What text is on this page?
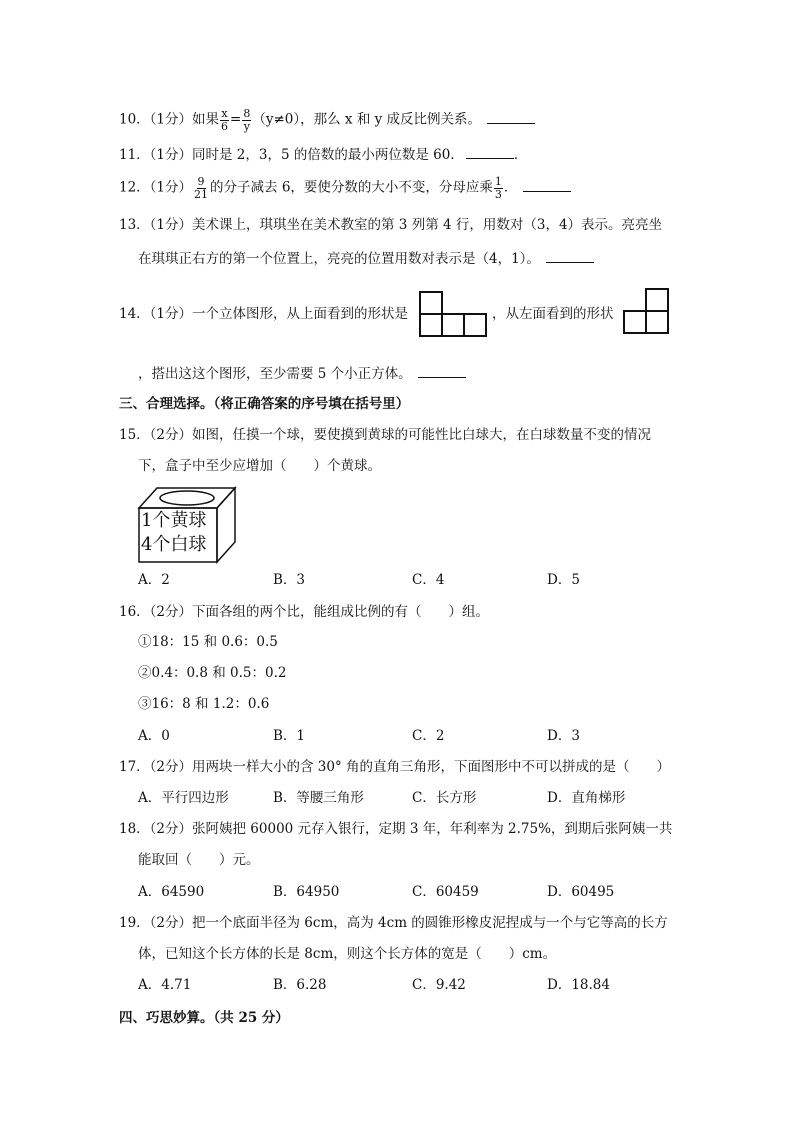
10．（1分）如果 $\frac{x}{6} = \frac{8}{y} (y\ne 0)$，那么 x 和 y 成反比例关系。
11．（1分）同时是 2，3，5 的倍数的最小两位数是 60．	．
12．（1分） $\frac{9}{21}$ 的分子减去 6，要使分数的大小不变，分母应乘 $\frac{1}{3}$ ．
13．（1分）美术课上，琪琪坐在美术教室的第 3 列第 4 行，用数对（3，4）表示。亮亮坐
在琪琪正右方的第一个位置上，亮亮的位置用数对表示是（4，1）。
14．（1分）一个立体图形，从上面看到的形状是	，从左面看到的形状
，搭出这这个图形，至少需要 5 个小正方体。
三、合理选择。（将正确答案的序号填在括号里）
15．（2分）如图，任摸一个球，要使摸到黄球的可能性比白球大，在白球数量不变的情况
下，盒子中至少应增加（　　）个黄球。
1个黄球
4个白球
A．2	B．3	C．4	D．5
16．（2分）下面各组的两个比，能组成比例的有（　　）组。
①18：15 和 0.6：0.5
②0.4：0.8 和 0.5：0.2
③16：8 和 1.2：0.6
A．0	B．1	C．2	D．3
17．（2分）用两块一样大小的含 30° 角的直角三角形，下面图形中不可以拼成的是（　　）
A．平行四边形	B．等腰三角形	C．长方形	D．直角梯形
18．（2分）张阿姨把 60000 元存入银行，定期 3 年，年利率为 2.75%，到期后张阿姨一共
能取回（　　）元。
A．64590	B．64950	C．60459	D．60495
19．（2分）把一个底面半径为 6cm，高为 4cm 的圆锥形橡皮泥捏成与一个与它等高的长方
体，已知这个长方体的长是 8cm，则这个长方体的宽是（　　）cm。
A．4.71	B．6.28	C．9.42	D．18.84
四、巧思妙算。（共 25 分）
